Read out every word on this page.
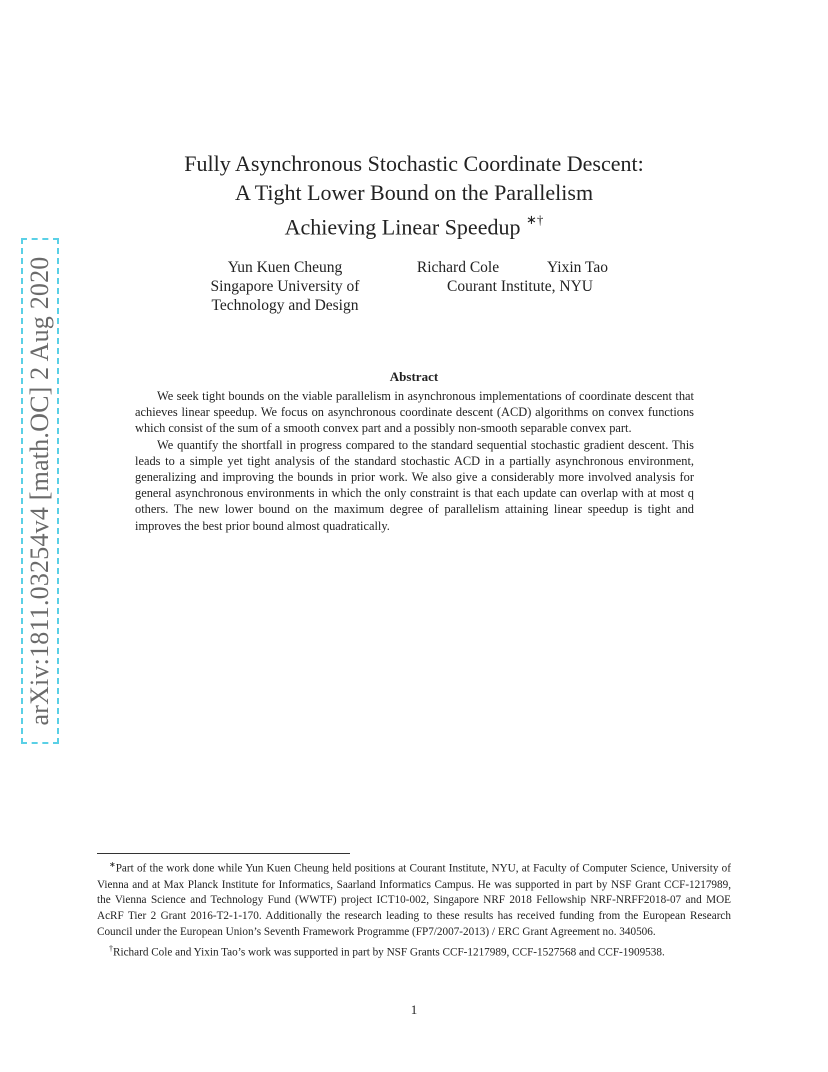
arXiv:1811.03254v4 [math.OC] 2 Aug 2020
Fully Asynchronous Stochastic Coordinate Descent:
A Tight Lower Bound on the Parallelism
Achieving Linear Speedup ∗†
Yun Kuen Cheung
Singapore University of
Technology and Design
Richard Cole	Yixin Tao
Courant Institute, NYU
Abstract

We seek tight bounds on the viable parallelism in asynchronous implementations of coordinate descent that achieves linear speedup. We focus on asynchronous coordinate descent (ACD) algorithms on convex functions which consist of the sum of a smooth convex part and a possibly non-smooth separable convex part.

We quantify the shortfall in progress compared to the standard sequential stochastic gradient descent. This leads to a simple yet tight analysis of the standard stochastic ACD in a partially asynchronous environment, generalizing and improving the bounds in prior work. We also give a considerably more involved analysis for general asynchronous environments in which the only constraint is that each update can overlap with at most q others. The new lower bound on the maximum degree of parallelism attaining linear speedup is tight and improves the best prior bound almost quadratically.

∗Part of the work done while Yun Kuen Cheung held positions at Courant Institute, NYU, at Faculty of Computer Science, University of Vienna and at Max Planck Institute for Informatics, Saarland Informatics Campus. He was supported in part by NSF Grant CCF-1217989, the Vienna Science and Technology Fund (WWTF) project ICT10-002, Singapore NRF 2018 Fellowship NRF-NRFF2018-07 and MOE AcRF Tier 2 Grant 2016-T2-1-170. Additionally the research leading to these results has received funding from the European Research Council under the European Union’s Seventh Framework Programme (FP7/2007-2013) / ERC Grant Agreement no. 340506.

†Richard Cole and Yixin Tao’s work was supported in part by NSF Grants CCF-1217989, CCF-1527568 and CCF-1909538.

1
